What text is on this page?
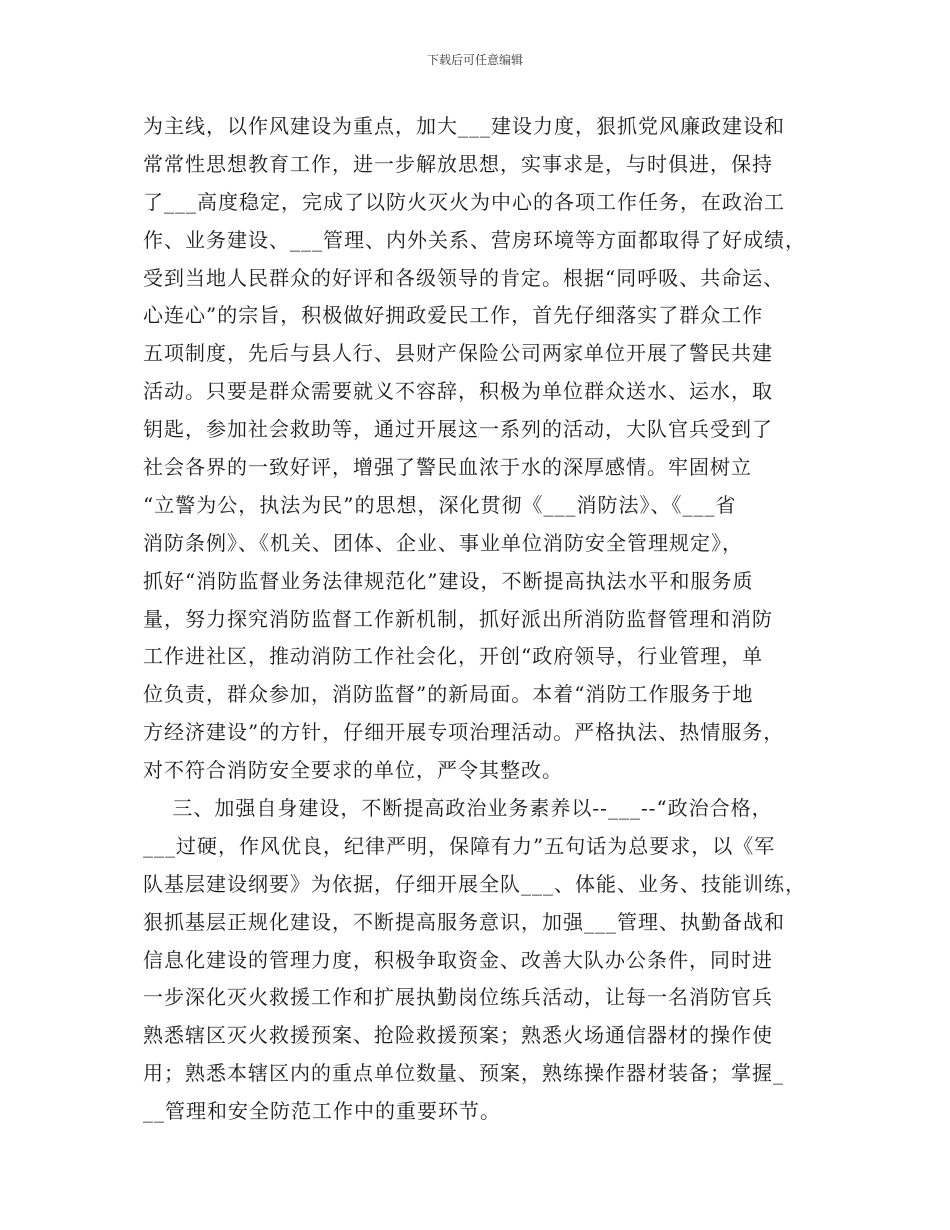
下载后可任意编辑
为主线，以作风建设为重点，加大___建设力度，狠抓党风廉政建设和
常常性思想教育工作，进一步解放思想，实事求是，与时俱进，保持
了___高度稳定，完成了以防火灭火为中心的各项工作任务，在政治工
作、业务建设、___管理、内外关系、营房环境等方面都取得了好成绩，
受到当地人民群众的好评和各级领导的肯定。根据“同呼吸、共命运、
心连心”的宗旨，积极做好拥政爱民工作，首先仔细落实了群众工作
五项制度，先后与县人行、县财产保险公司两家单位开展了警民共建
活动。只要是群众需要就义不容辞，积极为单位群众送水、运水，取
钥匙，参加社会救助等，通过开展这一系列的活动，大队官兵受到了
社会各界的一致好评，增强了警民血浓于水的深厚感情。牢固树立
“立警为公，执法为民”的思想，深化贯彻《___消防法》、《___省
消防条例》、《机关、团体、企业、事业单位消防安全管理规定》，
抓好“消防监督业务法律规范化”建设，不断提高执法水平和服务质
量，努力探究消防监督工作新机制，抓好派出所消防监督管理和消防
工作进社区，推动消防工作社会化，开创“政府领导，行业管理，单
位负责，群众参加，消防监督”的新局面。本着“消防工作服务于地
方经济建设”的方针，仔细开展专项治理活动。严格执法、热情服务，
对不符合消防安全要求的单位，严令其整改。
三、加强自身建设，不断提高政治业务素养以--___--“政治合格，
___过硬，作风优良，纪律严明，保障有力”五句话为总要求，以《军
队基层建设纲要》为依据，仔细开展全队___、体能、业务、技能训练，
狠抓基层正规化建设，不断提高服务意识，加强___管理、执勤备战和
信息化建设的管理力度，积极争取资金、改善大队办公条件，同时进
一步深化灭火救援工作和扩展执勤岗位练兵活动，让每一名消防官兵
熟悉辖区灭火救援预案、抢险救援预案；熟悉火场通信器材的操作使
用；熟悉本辖区内的重点单位数量、预案，熟练操作器材装备；掌握_
__管理和安全防范工作中的重要环节。
